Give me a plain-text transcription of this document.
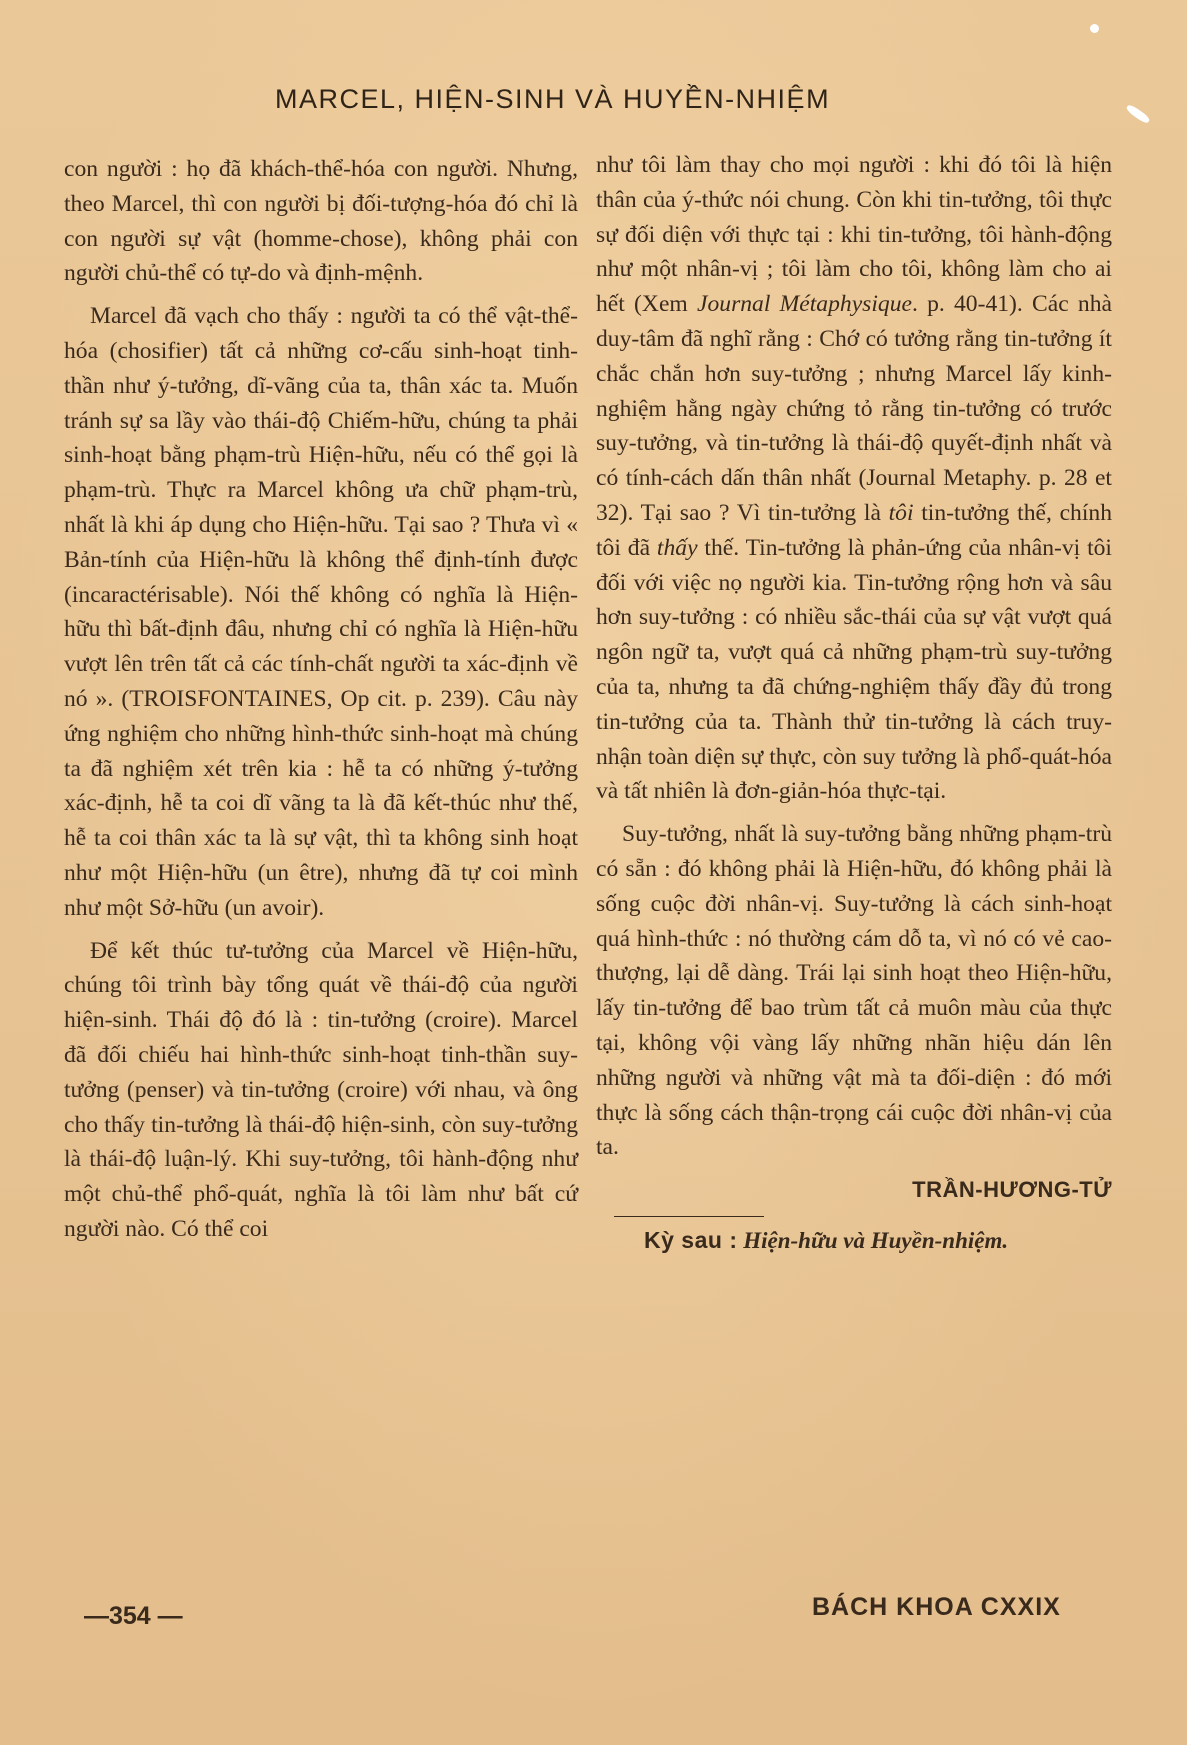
MARCEL, HIỆN-SINH VÀ HUYỀN-NHIỆM

con người : họ đã khách-thể-hóa con người. Nhưng, theo Marcel, thì con người bị đối-tượng-hóa đó chỉ là con người sự vật (homme-chose), không phải con người chủ-thể có tự-do và định-mệnh.

Marcel đã vạch cho thấy : người ta có thể vật-thể-hóa (chosifier) tất cả những cơ-cấu sinh-hoạt tinh-thần như ý-tưởng, dĩ-vãng của ta, thân xác ta. Muốn tránh sự sa lầy vào thái-độ Chiếm-hữu, chúng ta phải sinh-hoạt bằng phạm-trù Hiện-hữu, nếu có thể gọi là phạm-trù. Thực ra Marcel không ưa chữ phạm-trù, nhất là khi áp dụng cho Hiện-hữu. Tại sao ? Thưa vì « Bản-tính của Hiện-hữu là không thể định-tính được (incaractérisable). Nói thế không có nghĩa là Hiện-hữu thì bất-định đâu, nhưng chỉ có nghĩa là Hiện-hữu vượt lên trên tất cả các tính-chất người ta xác-định về nó ». (TROISFONTAINES, Op cit. p. 239). Câu này ứng nghiệm cho những hình-thức sinh-hoạt mà chúng ta đã nghiệm xét trên kia : hễ ta có những ý-tưởng xác-định, hễ ta coi dĩ vãng ta là đã kết-thúc như thế, hễ ta coi thân xác ta là sự vật, thì ta không sinh hoạt như một Hiện-hữu (un être), nhưng đã tự coi mình như một Sở-hữu (un avoir).

Để kết thúc tư-tưởng của Marcel về Hiện-hữu, chúng tôi trình bày tổng quát về thái-độ của người hiện-sinh. Thái độ đó là : tin-tưởng (croire). Marcel đã đối chiếu hai hình-thức sinh-hoạt tinh-thần suy-tưởng (penser) và tin-tưởng (croire) với nhau, và ông cho thấy tin-tưởng là thái-độ hiện-sinh, còn suy-tưởng là thái-độ luận-lý. Khi suy-tưởng, tôi hành-động như một chủ-thể phổ-quát, nghĩa là tôi làm như bất cứ người nào. Có thể coi

như tôi làm thay cho mọi người : khi đó tôi là hiện thân của ý-thức nói chung. Còn khi tin-tưởng, tôi thực sự đối diện với thực tại : khi tin-tưởng, tôi hành-động như một nhân-vị ; tôi làm cho tôi, không làm cho ai hết (Xem Journal Métaphysique. p. 40-41). Các nhà duy-tâm đã nghĩ rằng : Chớ có tưởng rằng tin-tưởng ít chắc chắn hơn suy-tưởng ; nhưng Marcel lấy kinh-nghiệm hằng ngày chứng tỏ rằng tin-tưởng có trước suy-tưởng, và tin-tưởng là thái-độ quyết-định nhất và có tính-cách dấn thân nhất (Journal Metaphy. p. 28 et 32). Tại sao ? Vì tin-tưởng là tôi tin-tưởng thế, chính tôi đã thấy thế. Tin-tưởng là phản-ứng của nhân-vị tôi đối với việc nọ người kia. Tin-tưởng rộng hơn và sâu hơn suy-tưởng : có nhiều sắc-thái của sự vật vượt quá ngôn ngữ ta, vượt quá cả những phạm-trù suy-tưởng của ta, nhưng ta đã chứng-nghiệm thấy đầy đủ trong tin-tưởng của ta. Thành thử tin-tưởng là cách truy-nhận toàn diện sự thực, còn suy tưởng là phổ-quát-hóa và tất nhiên là đơn-giản-hóa thực-tại.

Suy-tưởng, nhất là suy-tưởng bằng những phạm-trù có sẵn : đó không phải là Hiện-hữu, đó không phải là sống cuộc đời nhân-vị. Suy-tưởng là cách sinh-hoạt quá hình-thức : nó thường cám dỗ ta, vì nó có vẻ cao-thượng, lại dễ dàng. Trái lại sinh hoạt theo Hiện-hữu, lấy tin-tưởng để bao trùm tất cả muôn màu của thực tại, không vội vàng lấy những nhãn hiệu dán lên những người và những vật mà ta đối-diện : đó mới thực là sống cách thận-trọng cái cuộc đời nhân-vị của ta.

TRẦN-HƯƠNG-TỬ
Kỳ sau : Hiện-hữu và Huyền-nhiệm.
—354 —	BÁCH KHOA CXXIX
